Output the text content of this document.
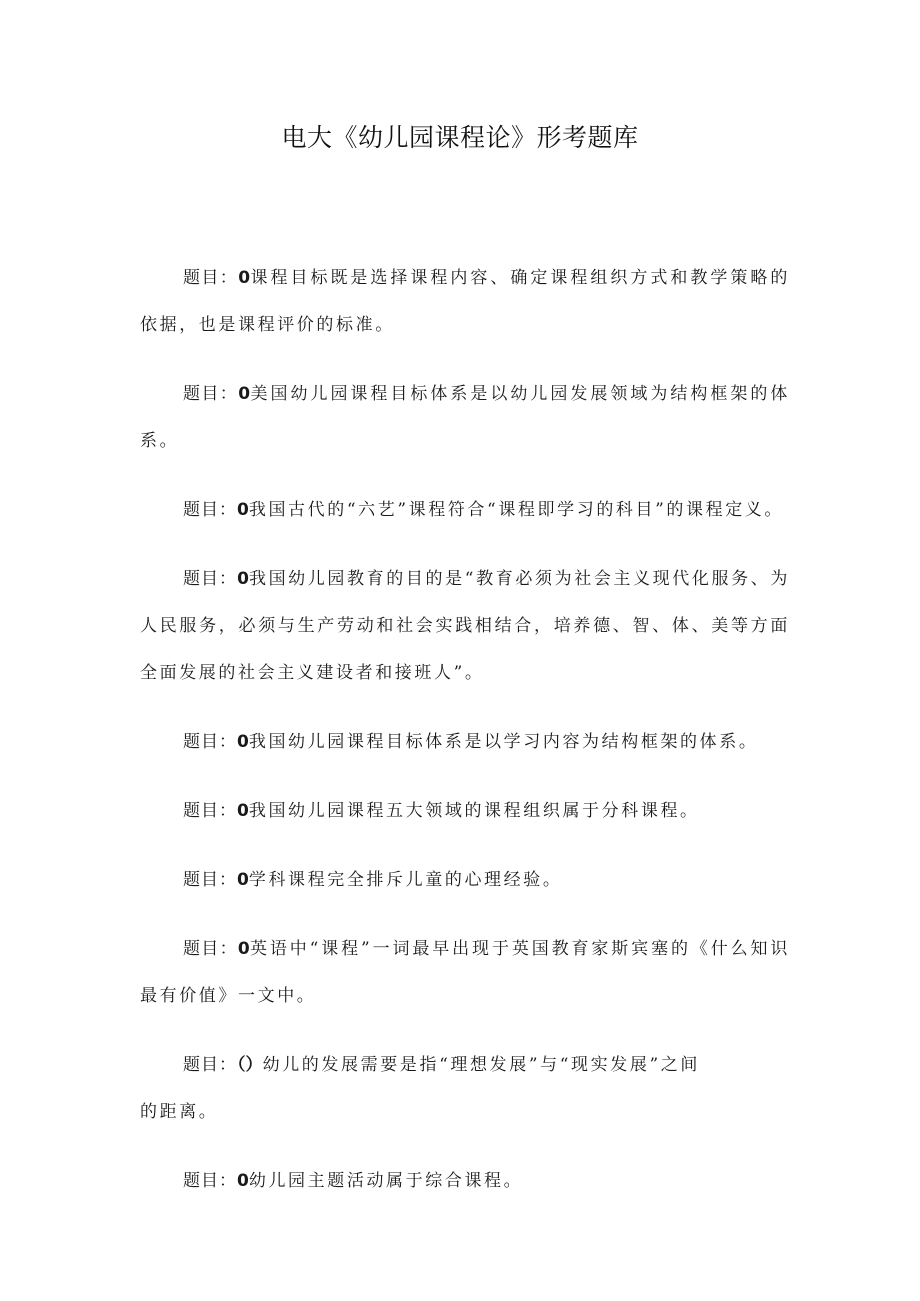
电大《幼儿园课程论》形考题库
题目：0课程目标既是选择课程内容、确定课程组织方式和教学策略的依据，也是课程评价的标准。
题目：0美国幼儿园课程目标体系是以幼儿园发展领域为结构框架的体系。
题目：0我国古代的“六艺”课程符合“课程即学习的科目”的课程定义。
题目：0我国幼儿园教育的目的是“教育必须为社会主义现代化服务、为人民服务，必须与生产劳动和社会实践相结合，培养德、智、体、美等方面全面发展的社会主义建设者和接班人”。
题目：0我国幼儿园课程目标体系是以学习内容为结构框架的体系。
题目：0我国幼儿园课程五大领域的课程组织属于分科课程。
题目：0学科课程完全排斥儿童的心理经验。
题目：0英语中“课程”一词最早出现于英国教育家斯宾塞的《什么知识最有价值》一文中。
题目：（）幼儿的发展需要是指“理想发展”与“现实发展”之间的距离。
题目：0幼儿园主题活动属于综合课程。
